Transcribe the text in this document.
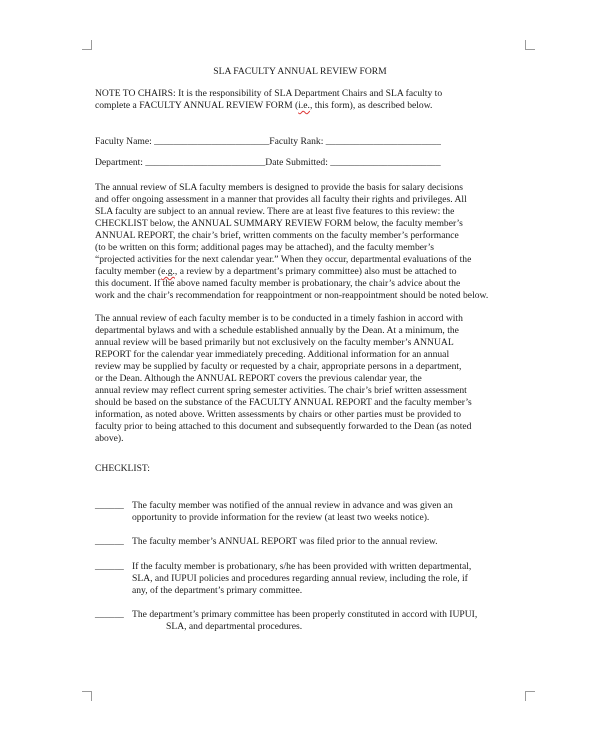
SLA FACULTY ANNUAL REVIEW FORM
NOTE TO CHAIRS: It is the responsibility of SLA Department Chairs and SLA faculty to
complete a FACULTY ANNUAL REVIEW FORM (i.e., this form), as described below.
Faculty Name: ________________________Faculty Rank: ________________________
Department: _________________________Date Submitted: _______________________
The annual review of SLA faculty members is designed to provide the basis for salary decisions
and offer ongoing assessment in a manner that provides all faculty their rights and privileges. All
SLA faculty are subject to an annual review. There are at least five features to this review: the
CHECKLIST below, the ANNUAL SUMMARY REVIEW FORM below, the faculty member’s
ANNUAL REPORT, the chair’s brief, written comments on the faculty member’s performance
(to be written on this form; additional pages may be attached), and the faculty member’s
“projected activities for the next calendar year.” When they occur, departmental evaluations of the
faculty member (e.g., a review by a department’s primary committee) also must be attached to
this document. If the above named faculty member is probationary, the chair’s advice about the
work and the chair’s recommendation for reappointment or non-reappointment should be noted below.
The annual review of each faculty member is to be conducted in a timely fashion in accord with
departmental bylaws and with a schedule established annually by the Dean. At a minimum, the
annual review will be based primarily but not exclusively on the faculty member’s ANNUAL
REPORT for the calendar year immediately preceding. Additional information for an annual
review may be supplied by faculty or requested by a chair, appropriate persons in a department,
or the Dean. Although the ANNUAL REPORT covers the previous calendar year, the
annual review may reflect current spring semester activities. The chair’s brief written assessment
should be based on the substance of the FACULTY ANNUAL REPORT and the faculty member’s
information, as noted above. Written assessments by chairs or other parties must be provided to
faculty prior to being attached to this document and subsequently forwarded to the Dean (as noted
above).
CHECKLIST:
______ The faculty member was notified of the annual review in advance and was given an
opportunity to provide information for the review (at least two weeks notice).
______ The faculty member’s ANNUAL REPORT was filed prior to the annual review.
______ If the faculty member is probationary, s/he has been provided with written departmental,
SLA, and IUPUI policies and procedures regarding annual review, including the role, if
any, of the department’s primary committee.
______ The department’s primary committee has been properly constituted in accord with IUPUI,
SLA, and departmental procedures.
